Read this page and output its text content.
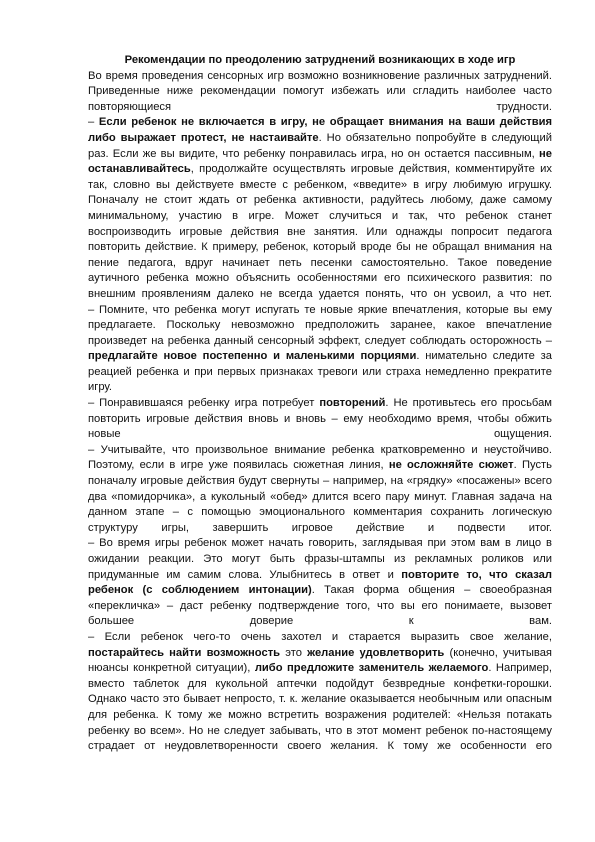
Рекомендации по преодолению затруднений возникающих в ходе игр

Во время проведения сенсорных игр возможно возникновение различных затруднений. Приведенные ниже рекомендации помогут избежать или сгладить наиболее часто повторяющиеся трудности.

– Если ребенок не включается в игру, не обращает внимания на ваши действия либо выражает протест, не настаивайте. Но обязательно попробуйте в следующий раз. Если же вы видите, что ребенку понравилась игра, но он остается пассивным, не останавливайтесь, продолжайте осуществлять игровые действия, комментируйте их так, словно вы действуете вместе с ребенком, «введите» в игру любимую игрушку. Поначалу не стоит ждать от ребенка активности, радуйтесь любому, даже самому минимальному, участию в игре. Может случиться и так, что ребенок станет воспроизводить игровые действия вне занятия. Или однажды попросит педагога повторить действие. К примеру, ребенок, который вроде бы не обращал внимания на пение педагога, вдруг начинает петь песенки самостоятельно. Такое поведение аутичного ребенка можно объяснить особенностями его психического развития: по внешним проявлениям далеко не всегда удается понять, что он усвоил, а что нет.

– Помните, что ребенка могут испугать те новые яркие впечатления, которые вы ему предлагаете. Поскольку невозможно предположить заранее, какое впечатление произведет на ребенка данный сенсорный эффект, следует соблюдать осторожность – предлагайте новое постепенно и маленькими порциями. нимательно следите за реацией ребенка и при первых признаках тревоги или страха немедленно прекратите игру.

– Понравившаяся ребенку игра потребует повторений. Не противьтесь его просьбам повторить игровые действия вновь и вновь – ему необходимо время, чтобы обжить новые ощущения.

– Учитывайте, что произвольное внимание ребенка кратковременно и неустойчиво. Поэтому, если в игре уже появилась сюжетная линия, не осложняйте сюжет. Пусть поначалу игровые действия будут свернуты – например, на «грядку» «посажены» всего два «помидорчика», а кукольный «обед» длится всего пару минут. Главная задача на данном этапе – с помощью эмоционального комментария сохранить логическую структуру игры, завершить игровое действие и подвести итог.

– Во время игры ребенок может начать говорить, заглядывая при этом вам в лицо в ожидании реакции. Это могут быть фразы-штампы из рекламных роликов или придуманные им самим слова. Улыбнитесь в ответ и повторите то, что сказал ребенок (с соблюдением интонации). Такая форма общения – своеобразная «перекличка» – даст ребенку подтверждение того, что вы его понимаете, вызовет большее доверие к вам.

– Если ребенок чего-то очень захотел и старается выразить свое желание, постарайтесь найти возможность это желание удовлетворить (конечно, учитывая нюансы конкретной ситуации), либо предложите заменитель желаемого. Например, вместо таблеток для кукольной аптечки подойдут безвредные конфетки-горошки. Однако часто это бывает непросто, т. к. желание оказывается необычным или опасным для ребенка. К тому же можно встретить возражения родителей: «Нельзя потакать ребенку во всем». Но не следует забывать, что в этот момент ребенок по-настоящему страдает от неудовлетворенности своего желания. К тому же особенности его
